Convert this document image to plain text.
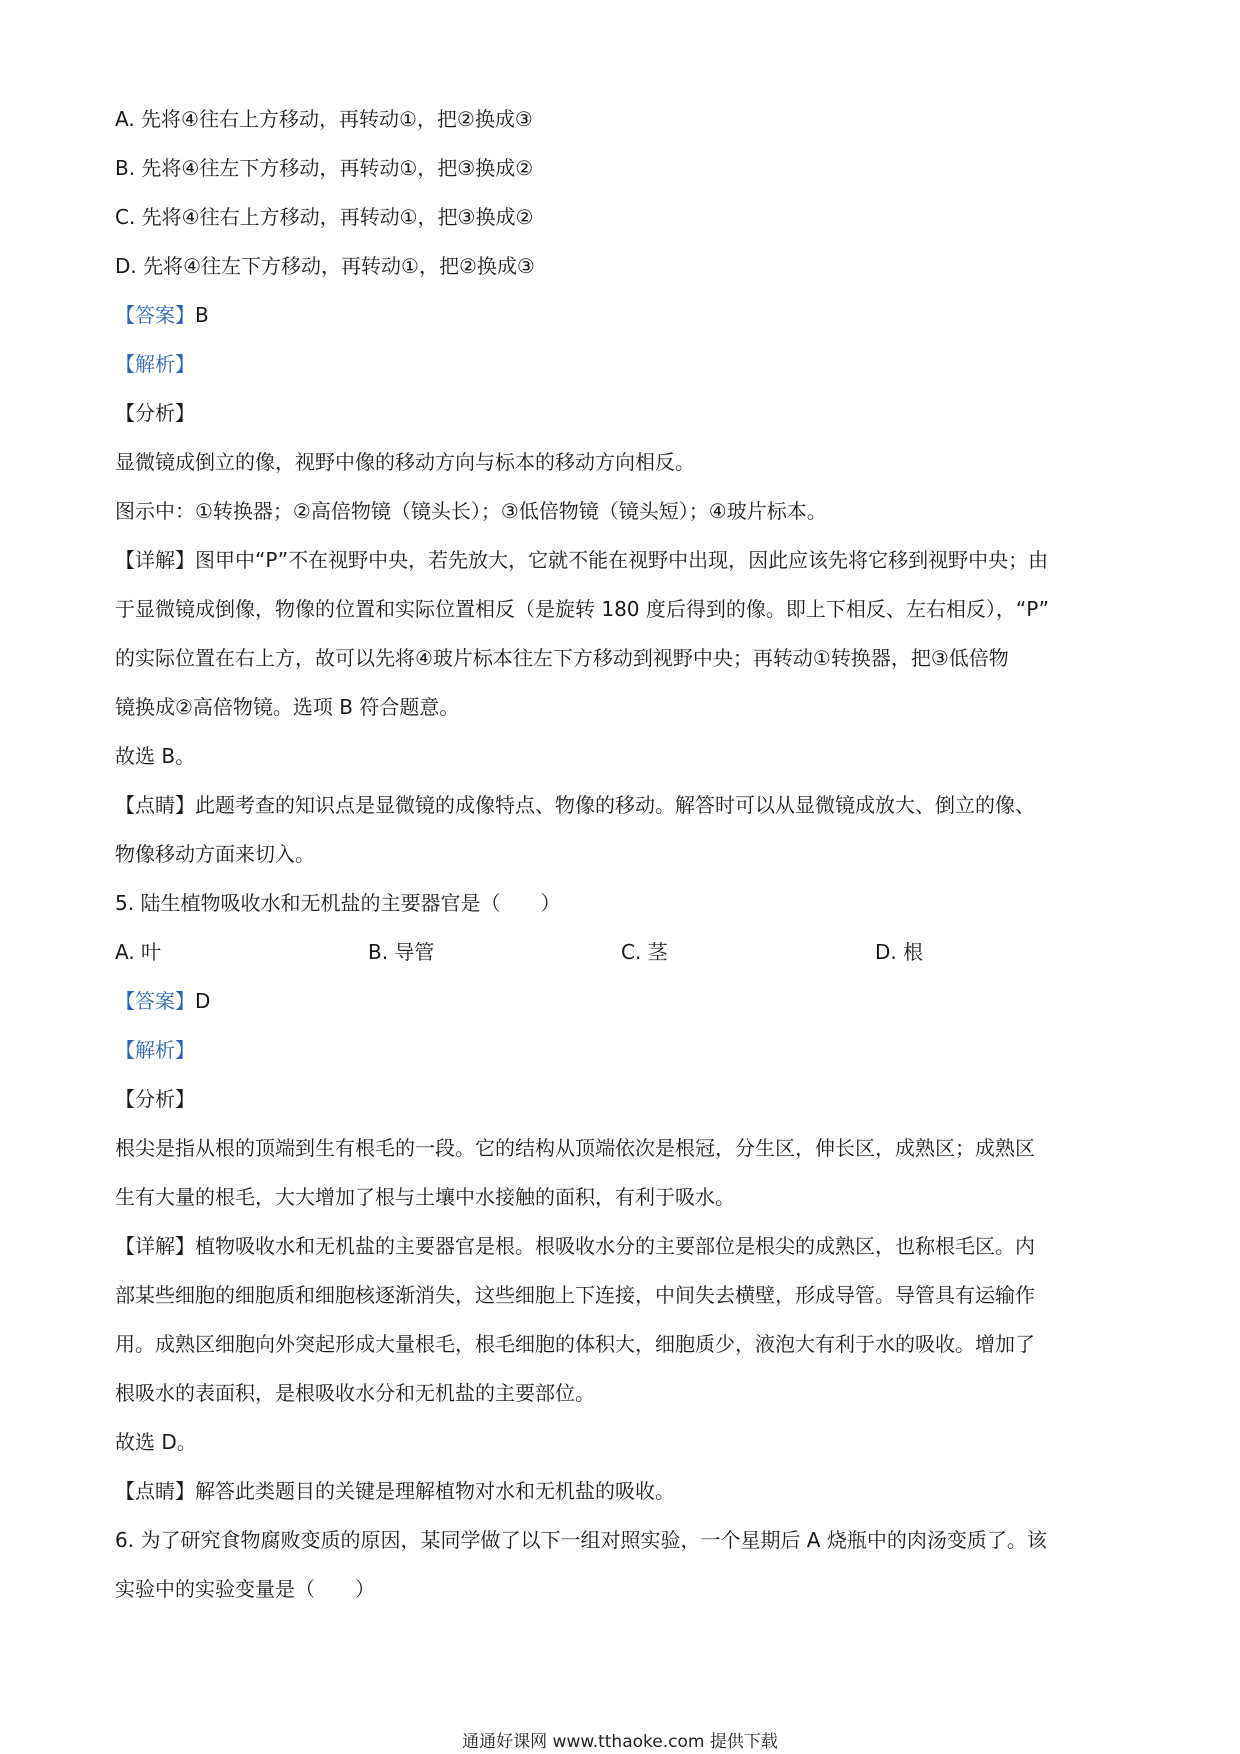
A. 先将④往右上方移动，再转动①，把②换成③
B. 先将④往左下方移动，再转动①，把③换成②
C. 先将④往右上方移动，再转动①，把③换成②
D. 先将④往左下方移动，再转动①，把②换成③
【答案】B
【解析】
【分析】
显微镜成倒立的像，视野中像的移动方向与标本的移动方向相反。
图示中：①转换器；②高倍物镜（镜头长）；③低倍物镜（镜头短）；④玻片标本。
【详解】图甲中“P”不在视野中央，若先放大，它就不能在视野中出现，因此应该先将它移到视野中央；由
于显微镜成倒像，物像的位置和实际位置相反（是旋转 180 度后得到的像。即上下相反、左右相反），“P”
的实际位置在右上方，故可以先将④玻片标本往左下方移动到视野中央；再转动①转换器，把③低倍物
镜换成②高倍物镜。选项 B 符合题意。
故选 B。
【点睛】此题考查的知识点是显微镜的成像特点、物像的移动。解答时可以从显微镜成放大、倒立的像、
物像移动方面来切入。
5. 陆生植物吸收水和无机盐的主要器官是（　　）
A. 叶	B. 导管	C. 茎	D. 根
【答案】D
【解析】
【分析】
根尖是指从根的顶端到生有根毛的一段。它的结构从顶端依次是根冠，分生区，伸长区，成熟区；成熟区
生有大量的根毛，大大增加了根与土壤中水接触的面积，有利于吸水。
【详解】植物吸收水和无机盐的主要器官是根。根吸收水分的主要部位是根尖的成熟区，也称根毛区。内
部某些细胞的细胞质和细胞核逐渐消失，这些细胞上下连接，中间失去横壁，形成导管。导管具有运输作
用。成熟区细胞向外突起形成大量根毛，根毛细胞的体积大，细胞质少，液泡大有利于水的吸收。增加了
根吸水的表面积，是根吸收水分和无机盐的主要部位。
故选 D。
【点睛】解答此类题目的关键是理解植物对水和无机盐的吸收。
6. 为了研究食物腐败变质的原因，某同学做了以下一组对照实验，一个星期后 A 烧瓶中的肉汤变质了。该
实验中的实验变量是（　　）
通通好课网 www.tthaoke.com 提供下载
